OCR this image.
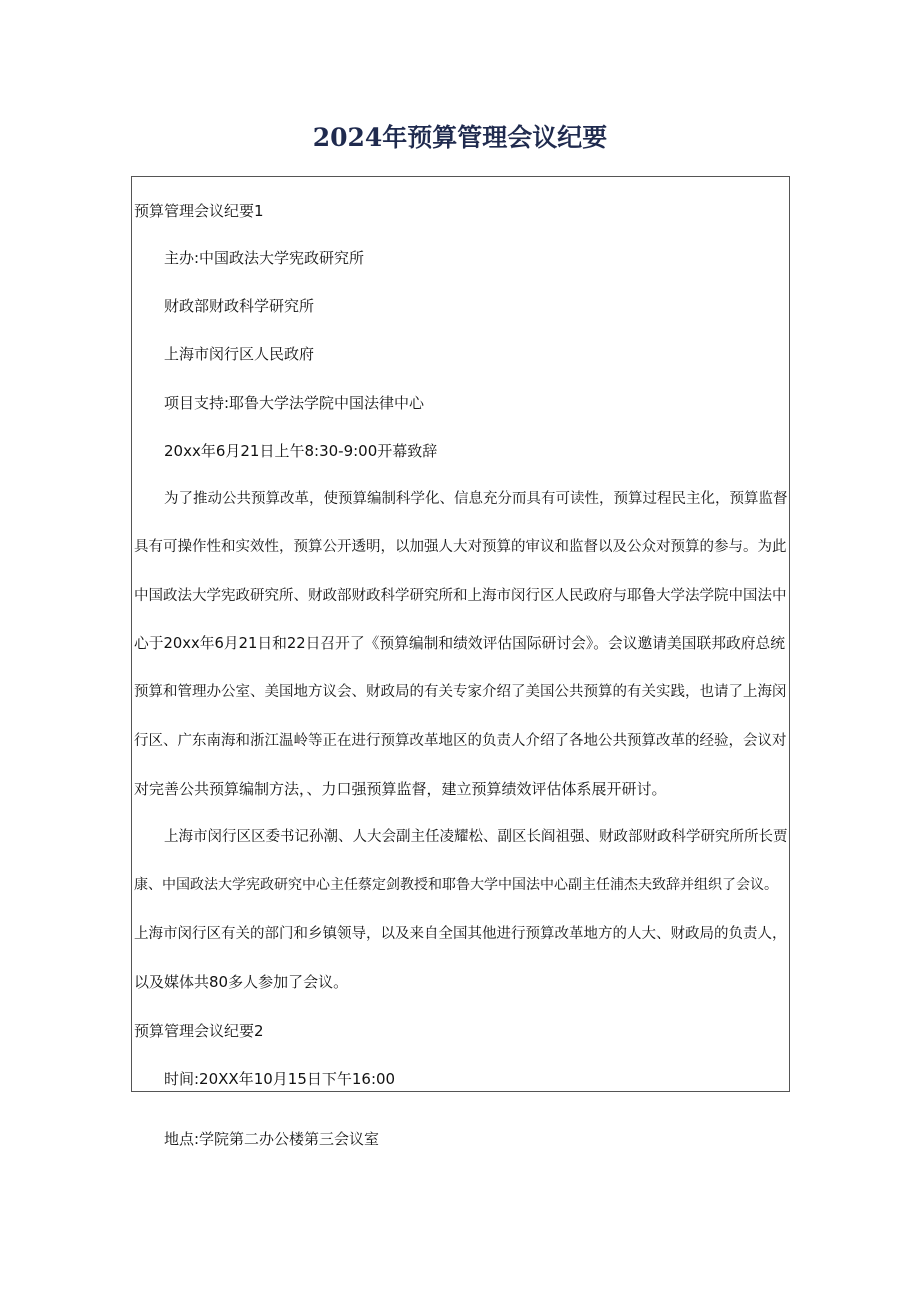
2024年预算管理会议纪要
预算管理会议纪要1
主办:中国政法大学宪政研究所
财政部财政科学研究所
上海市闵行区人民政府
项目支持:耶鲁大学法学院中国法律中心
20xx年6月21日上午8:30-9:00开幕致辞
为了推动公共预算改革，使预算编制科学化、信息充分而具有可读性，预算过程民主化，预算监督
具有可操作性和实效性，预算公开透明，以加强人大对预算的审议和监督以及公众对预算的参与。为此
中国政法大学宪政研究所、财政部财政科学研究所和上海市闵行区人民政府与耶鲁大学法学院中国法中
心于20xx年6月21日和22日召开了《预算编制和绩效评估国际研讨会》。会议邀请美国联邦政府总统
预算和管理办公室、美国地方议会、财政局的有关专家介绍了美国公共预算的有关实践，也请了上海闵
行区、广东南海和浙江温岭等正在进行预算改革地区的负责人介绍了各地公共预算改革的经验，会议对
对完善公共预算编制方法，、力口强预算监督，建立预算绩效评估体系展开研讨。
上海市闵行区区委书记孙潮、人大会副主任凌耀松、副区长阎祖强、财政部财政科学研究所所长贾
康、中国政法大学宪政研究中心主任蔡定剑教授和耶鲁大学中国法中心副主任浦杰夫致辞并组织了会议。
上海市闵行区有关的部门和乡镇领导，以及来自全国其他进行预算改革地方的人大、财政局的负责人，
以及媒体共80多人参加了会议。
预算管理会议纪要2
时间:20XX年10月15日下午16:00
地点:学院第二办公楼第三会议室
